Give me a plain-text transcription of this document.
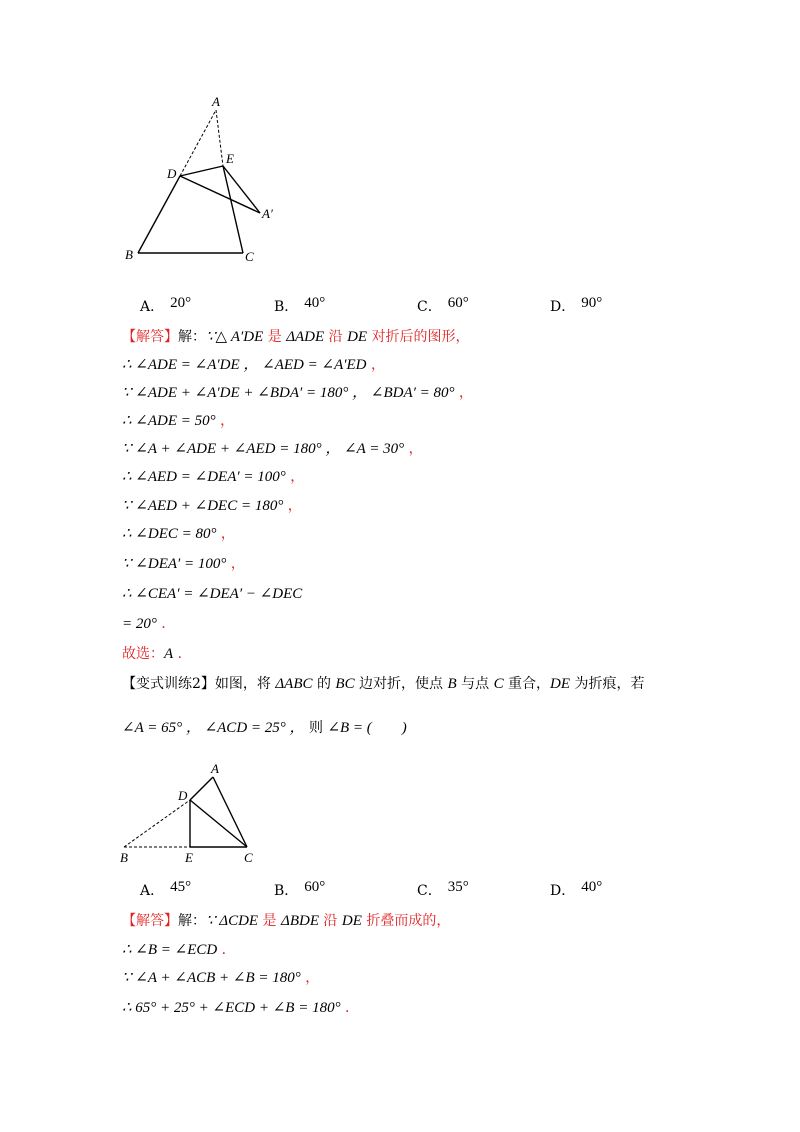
A
E
D
A′
B	C
A． 20°	B． 40°	C． 60°	D． 90°
【解答】解：∵△ A′DE 是 ΔADE 沿 DE 对折后的图形，
∴ ∠ADE = ∠A′DE ， ∠AED = ∠A′ED ，
∵ ∠ADE + ∠A′DE + ∠BDA′ = 180° ， ∠BDA′ = 80° ，
∴ ∠ADE = 50° ，
∵ ∠A + ∠ADE + ∠AED = 180° ， ∠A = 30° ，
∴ ∠AED = ∠DEA′ = 100° ，
∵ ∠AED + ∠DEC = 180° ，
∴ ∠DEC = 80° ，
∵ ∠DEA′ = 100° ，
∴ ∠CEA′ = ∠DEA′ − ∠DEC
= 20° ．
故选：A ．
【变式训练2】如图，将 ΔABC 的 BC 边对折，使点 B 与点 C 重合，DE 为折痕，若
∠A = 65° ， ∠ACD = 25° ， 则 ∠B = (　　)
A
D
B	E	C
A． 45°	B． 60°	C． 35°	D． 40°
【解答】解：∵ ΔCDE 是 ΔBDE 沿 DE 折叠而成的，
∴ ∠B = ∠ECD ．
∵ ∠A + ∠ACB + ∠B = 180° ，
∴ 65° + 25° + ∠ECD + ∠B = 180° ．
